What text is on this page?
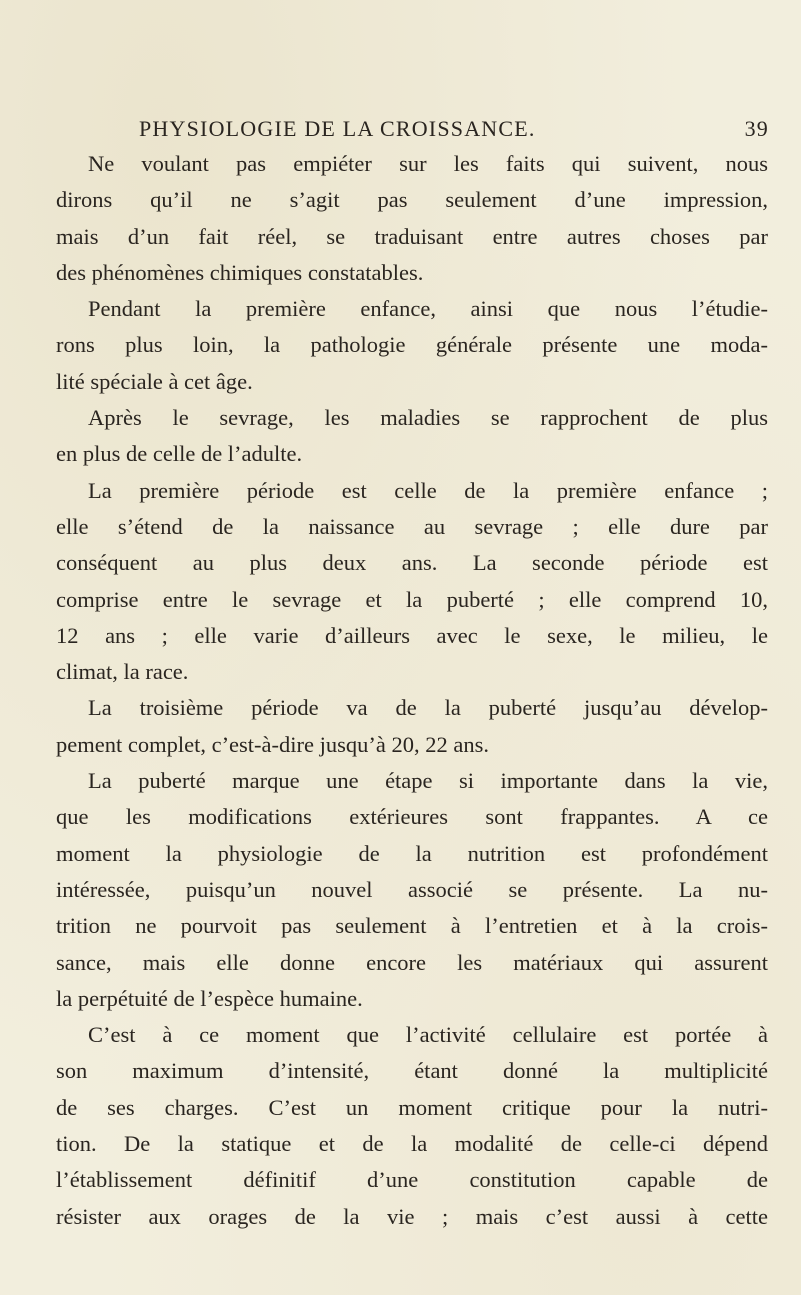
PHYSIOLOGIE DE LA CROISSANCE.	39
Ne voulant pas empiéter sur les faits qui suivent, nous
dirons qu’il ne s’agit pas seulement d’une impression,
mais d’un fait réel, se traduisant entre autres choses par
des phénomènes chimiques constatables.
Pendant la première enfance, ainsi que nous l’étudie-
rons plus loin, la pathologie générale présente une moda-
lité spéciale à cet âge.
Après le sevrage, les maladies se rapprochent de plus
en plus de celle de l’adulte.
La première période est celle de la première enfance ;
elle s’étend de la naissance au sevrage ; elle dure par
conséquent au plus deux ans. La seconde période est
comprise entre le sevrage et la puberté ; elle comprend 10,
12 ans ; elle varie d’ailleurs avec le sexe, le milieu, le
climat, la race.
La troisième période va de la puberté jusqu’au dévelop-
pement complet, c’est-à-dire jusqu’à 20, 22 ans.
La puberté marque une étape si importante dans la vie,
que les modifications extérieures sont frappantes. A ce
moment la physiologie de la nutrition est profondément
intéressée, puisqu’un nouvel associé se présente. La nu-
trition ne pourvoit pas seulement à l’entretien et à la crois-
sance, mais elle donne encore les matériaux qui assurent
la perpétuité de l’espèce humaine.
C’est à ce moment que l’activité cellulaire est portée à
son maximum d’intensité, étant donné la multiplicité
de ses charges. C’est un moment critique pour la nutri-
tion. De la statique et de la modalité de celle-ci dépend
l’établissement définitif d’une constitution capable de
résister aux orages de la vie ; mais c’est aussi à cette
